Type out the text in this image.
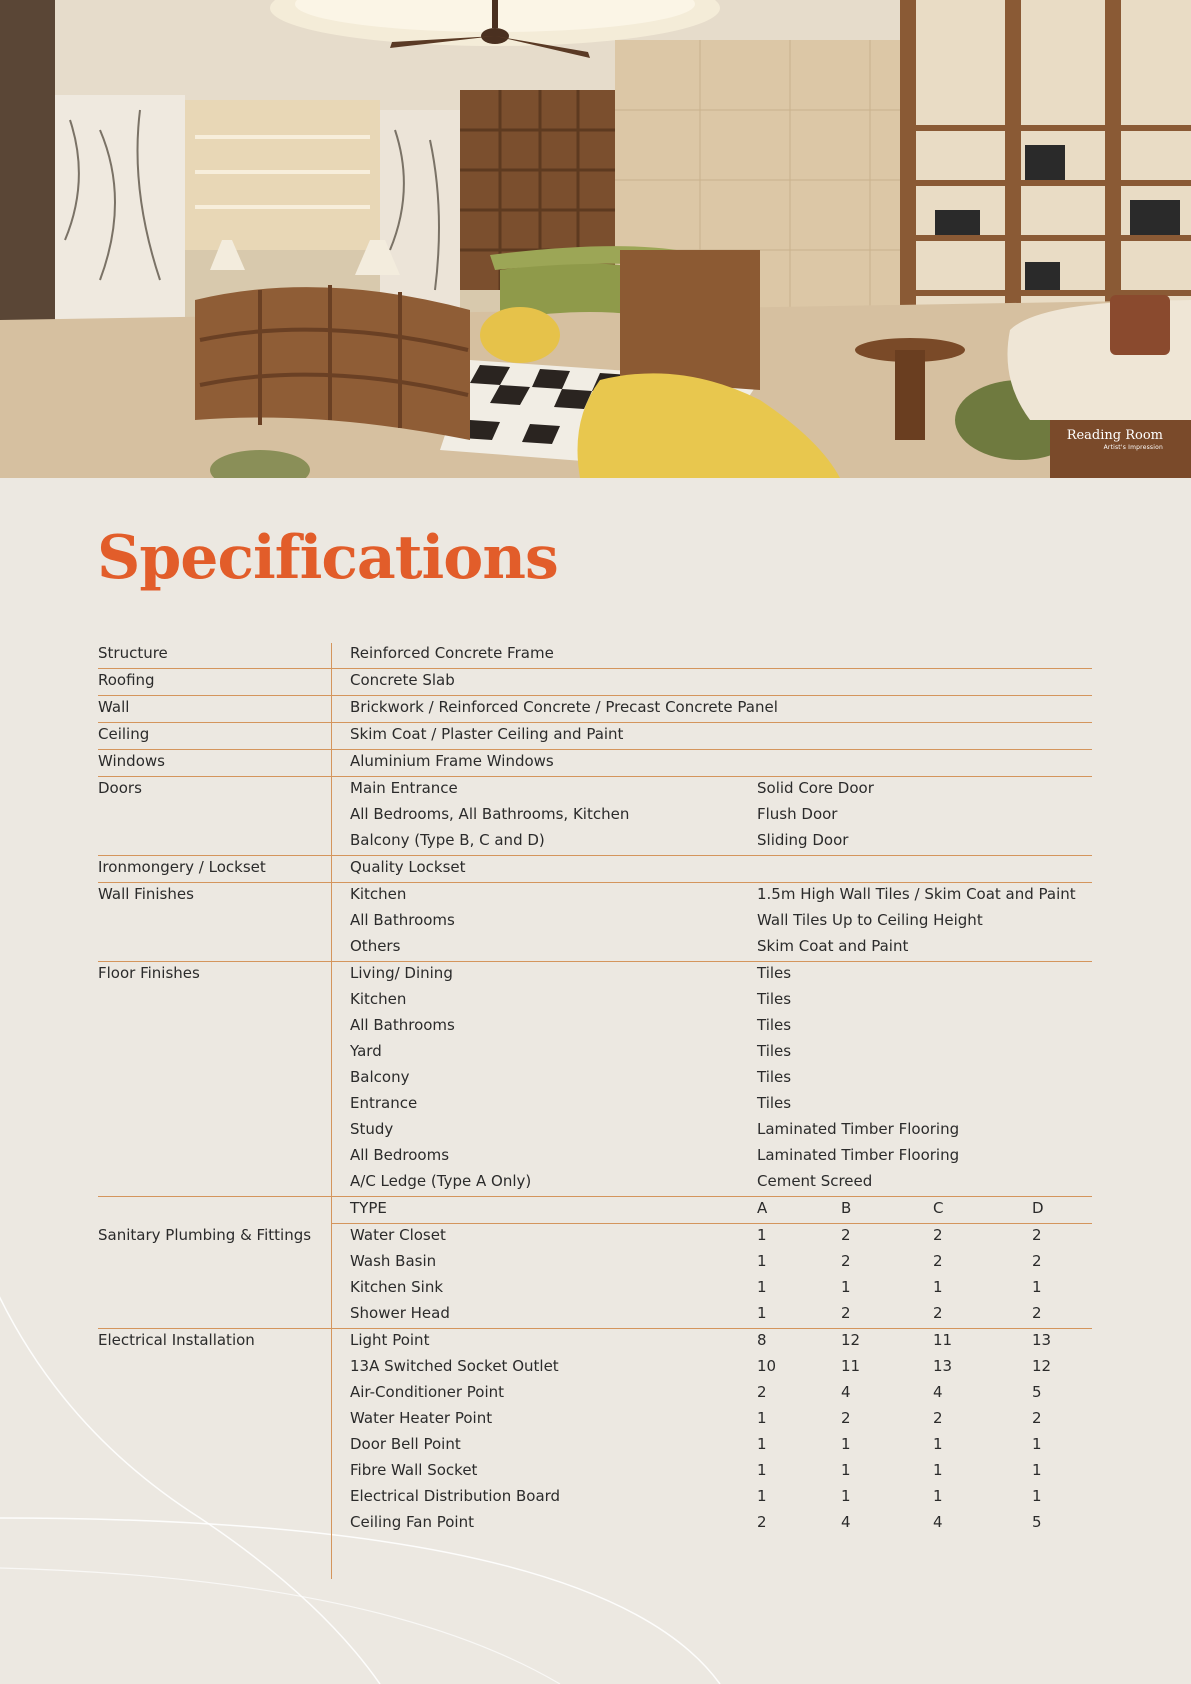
Reading Room
Artist's Impression
Specifications
Structure	Reinforced Concrete Frame
Roofing	Concrete Slab
Wall	Brickwork / Reinforced Concrete / Precast Concrete Panel
Ceiling	Skim Coat / Plaster Ceiling and Paint
Windows	Aluminium Frame Windows
Doors	Main Entrance	Solid Core Door
All Bedrooms, All Bathrooms, Kitchen	Flush Door
Balcony (Type B, C and D)	Sliding Door
Ironmongery / Lockset	Quality Lockset
Wall Finishes	Kitchen	1.5m High Wall Tiles / Skim Coat and Paint
All Bathrooms	Wall Tiles Up to Ceiling Height
Others	Skim Coat and Paint
Floor Finishes	Living/ Dining	Tiles
Kitchen	Tiles
All Bathrooms	Tiles
Yard	Tiles
Balcony	Tiles
Entrance	Tiles
Study	Laminated Timber Flooring
All Bedrooms	Laminated Timber Flooring
A/C Ledge (Type A Only)	Cement Screed
TYPE	A	B	C	D
Sanitary Plumbing & Fittings	Water Closet	1	2	2	2
Wash Basin	1	2	2	2
Kitchen Sink	1	1	1	1
Shower Head	1	2	2	2
Electrical Installation	Light Point	8	12	11	13
13A Switched Socket Outlet	10	11	13	12
Air-Conditioner Point	2	4	4	5
Water Heater Point	1	2	2	2
Door Bell Point	1	1	1	1
Fibre Wall Socket	1	1	1	1
Electrical Distribution Board	1	1	1	1
Ceiling Fan Point	2	4	4	5
